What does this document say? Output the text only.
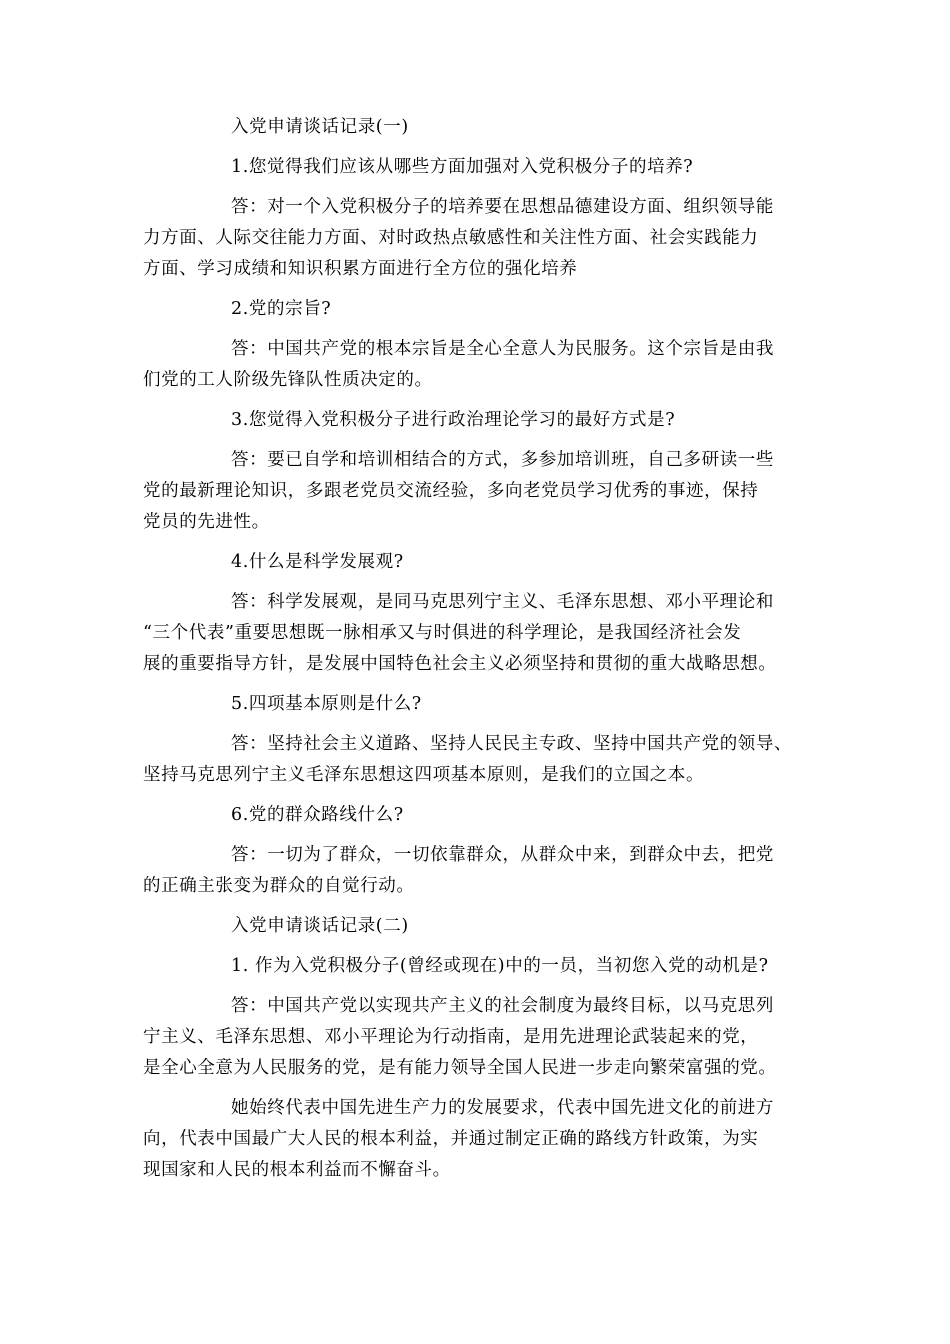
入党申请谈话记录(一)

1.您觉得我们应该从哪些方面加强对入党积极分子的培养?

答：对一个入党积极分子的培养要在思想品德建设方面、组织领导能
力方面、人际交往能力方面、对时政热点敏感性和关注性方面、社会实践能力
方面、学习成绩和知识积累方面进行全方位的强化培养

2.党的宗旨?

答：中国共产党的根本宗旨是全心全意人为民服务。这个宗旨是由我
们党的工人阶级先锋队性质决定的。

3.您觉得入党积极分子进行政治理论学习的最好方式是?

答：要已自学和培训相结合的方式，多参加培训班，自己多研读一些
党的最新理论知识，多跟老党员交流经验，多向老党员学习优秀的事迹，保持
党员的先进性。

4.什么是科学发展观?

答：科学发展观，是同马克思列宁主义、毛泽东思想、邓小平理论和
“三个代表”重要思想既一脉相承又与时俱进的科学理论，是我国经济社会发
展的重要指导方针，是发展中国特色社会主义必须坚持和贯彻的重大战略思想。

5.四项基本原则是什么?

答：坚持社会主义道路、坚持人民民主专政、坚持中国共产党的领导、
坚持马克思列宁主义毛泽东思想这四项基本原则，是我们的立国之本。

6.党的群众路线什么?

答：一切为了群众，一切依靠群众，从群众中来，到群众中去，把党
的正确主张变为群众的自觉行动。

入党申请谈话记录(二)

1. 作为入党积极分子(曾经或现在)中的一员，当初您入党的动机是?

答：中国共产党以实现共产主义的社会制度为最终目标，以马克思列
宁主义、毛泽东思想、邓小平理论为行动指南，是用先进理论武装起来的党，
是全心全意为人民服务的党，是有能力领导全国人民进一步走向繁荣富强的党。

她始终代表中国先进生产力的发展要求，代表中国先进文化的前进方
向，代表中国最广大人民的根本利益，并通过制定正确的路线方针政策，为实
现国家和人民的根本利益而不懈奋斗。
